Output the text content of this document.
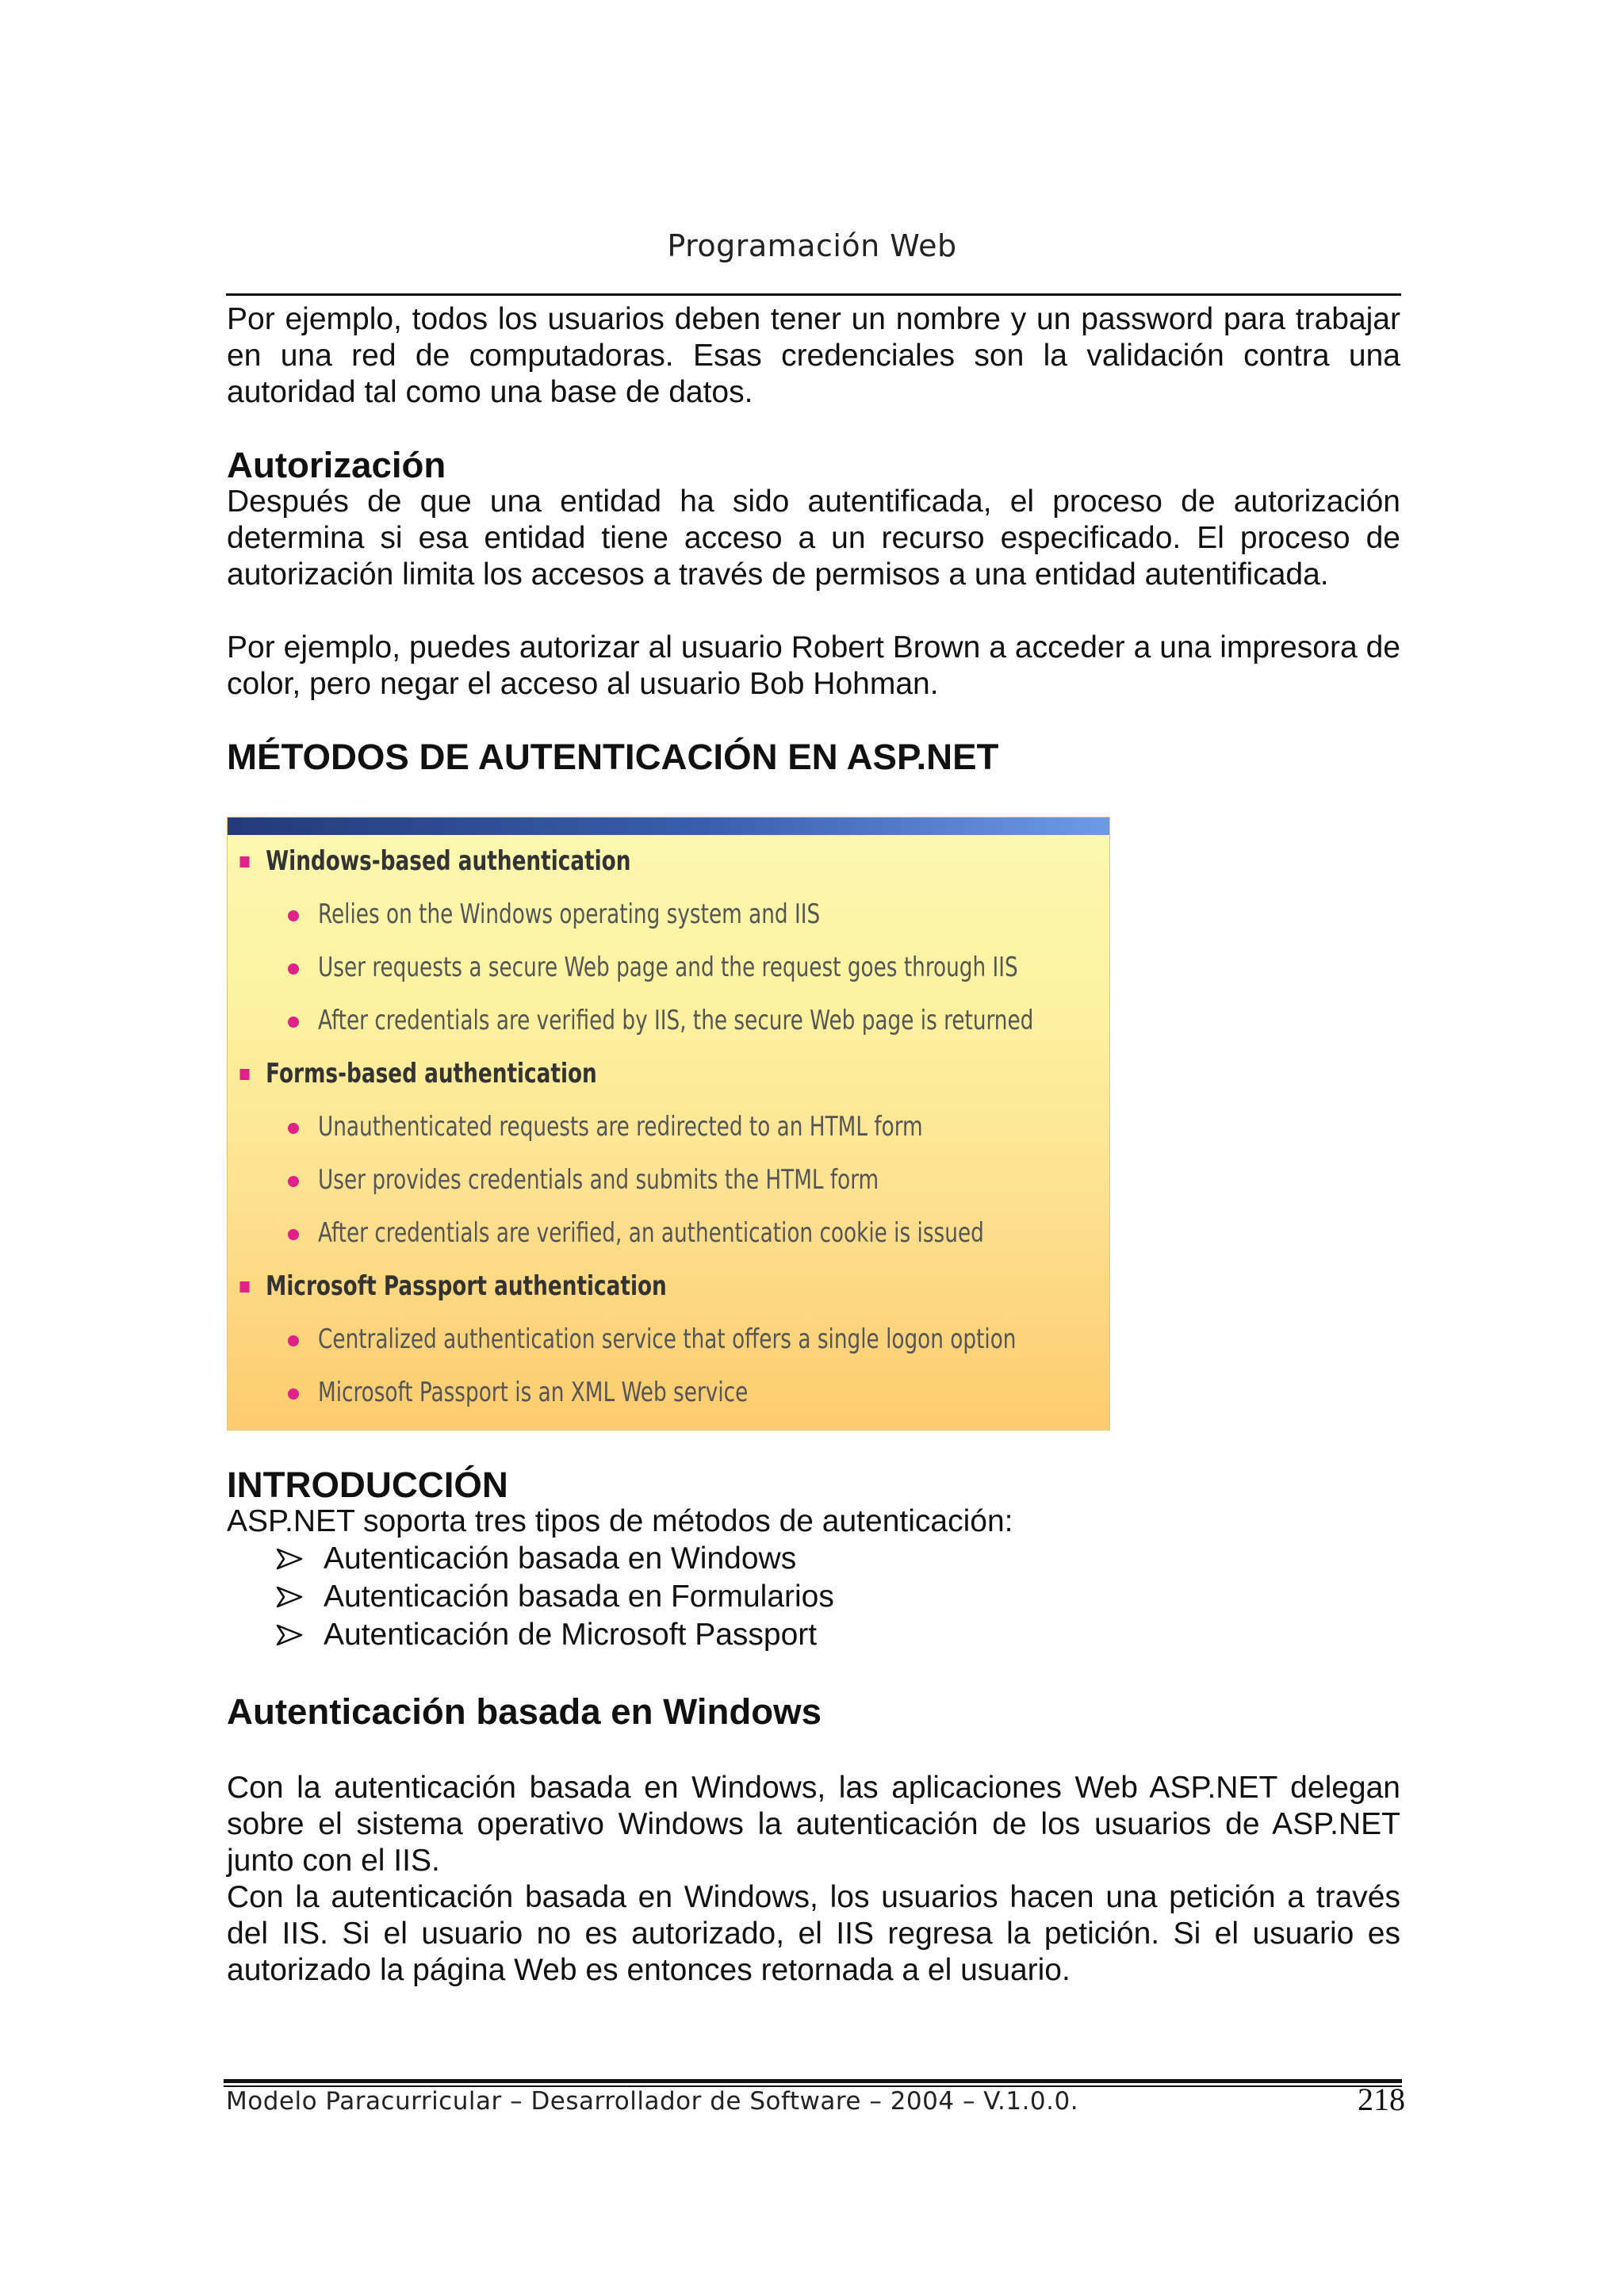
Programación Web

Por ejemplo, todos los usuarios deben tener un nombre y un password para trabajar en una red de computadoras. Esas credenciales son la validación contra una autoridad tal como una base de datos.

Autorización

Después de que una entidad ha sido autentificada, el proceso de autorización determina si esa entidad tiene acceso a un recurso especificado. El proceso de autorización limita los accesos a través de permisos a una entidad autentificada.

Por ejemplo, puedes autorizar al usuario Robert Brown a acceder a una impresora de color, pero negar el acceso al usuario Bob Hohman.

MÉTODOS DE AUTENTICACIÓN EN ASP.NET
Windows-based authentication
Relies on the Windows operating system and IIS
User requests a secure Web page and the request goes through IIS
After credentials are verified by IIS, the secure Web page is returned
Forms-based authentication
Unauthenticated requests are redirected to an HTML form
User provides credentials and submits the HTML form
After credentials are verified, an authentication cookie is issued
Microsoft Passport authentication
Centralized authentication service that offers a single logon option
Microsoft Passport is an XML Web service
INTRODUCCIÓN

ASP.NET soporta tres tipos de métodos de autenticación:

Autenticación basada en Windows
Autenticación basada en Formularios
Autenticación de Microsoft Passport
Autenticación basada en Windows

Con la autenticación basada en Windows, las aplicaciones Web ASP.NET delegan sobre el sistema operativo Windows la autenticación de los usuarios de ASP.NET junto con el IIS.

Con la autenticación basada en Windows, los usuarios hacen una petición a través del IIS. Si el usuario no es autorizado, el IIS regresa la petición. Si el usuario es autorizado la página Web es entonces retornada a el usuario.

Modelo Paracurricular – Desarrollador de Software – 2004 – V.1.0.0.	218
